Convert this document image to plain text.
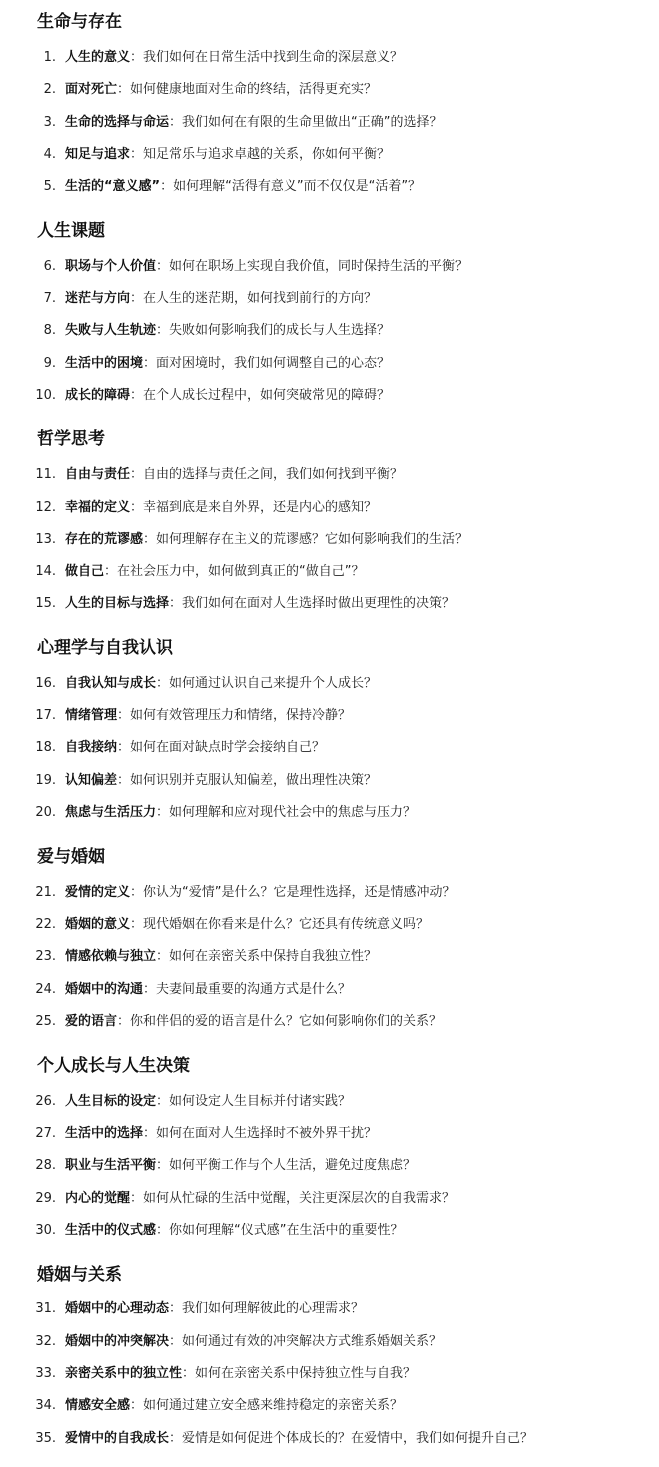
生命与存在
1. 人生的意义：我们如何在日常生活中找到生命的深层意义？
2. 面对死亡：如何健康地面对生命的终结，活得更充实？
3. 生命的选择与命运：我们如何在有限的生命里做出“正确”的选择？
4. 知足与追求：知足常乐与追求卓越的关系，你如何平衡？
5. 生活的“意义感”：如何理解“活得有意义”而不仅仅是“活着”？
人生课题
6. 职场与个人价值：如何在职场上实现自我价值，同时保持生活的平衡？
7. 迷茫与方向：在人生的迷茫期，如何找到前行的方向？
8. 失败与人生轨迹：失败如何影响我们的成长与人生选择？
9. 生活中的困境：面对困境时，我们如何调整自己的心态？
10. 成长的障碍：在个人成长过程中，如何突破常见的障碍？
哲学思考
11. 自由与责任：自由的选择与责任之间，我们如何找到平衡？
12. 幸福的定义：幸福到底是来自外界，还是内心的感知？
13. 存在的荒谬感：如何理解存在主义的荒谬感？它如何影响我们的生活？
14. 做自己：在社会压力中，如何做到真正的“做自己”？
15. 人生的目标与选择：我们如何在面对人生选择时做出更理性的决策？
心理学与自我认识
16. 自我认知与成长：如何通过认识自己来提升个人成长？
17. 情绪管理：如何有效管理压力和情绪，保持冷静？
18. 自我接纳：如何在面对缺点时学会接纳自己？
19. 认知偏差：如何识别并克服认知偏差，做出理性决策？
20. 焦虑与生活压力：如何理解和应对现代社会中的焦虑与压力？
爱与婚姻
21. 爱情的定义：你认为“爱情”是什么？它是理性选择，还是情感冲动？
22. 婚姻的意义：现代婚姻在你看来是什么？它还具有传统意义吗？
23. 情感依赖与独立：如何在亲密关系中保持自我独立性？
24. 婚姻中的沟通：夫妻间最重要的沟通方式是什么？
25. 爱的语言：你和伴侣的爱的语言是什么？它如何影响你们的关系？
个人成长与人生决策
26. 人生目标的设定：如何设定人生目标并付诸实践？
27. 生活中的选择：如何在面对人生选择时不被外界干扰？
28. 职业与生活平衡：如何平衡工作与个人生活，避免过度焦虑？
29. 内心的觉醒：如何从忙碌的生活中觉醒，关注更深层次的自我需求？
30. 生活中的仪式感：你如何理解“仪式感”在生活中的重要性？
婚姻与关系
31. 婚姻中的心理动态：我们如何理解彼此的心理需求？
32. 婚姻中的冲突解决：如何通过有效的冲突解决方式维系婚姻关系？
33. 亲密关系中的独立性：如何在亲密关系中保持独立性与自我？
34. 情感安全感：如何通过建立安全感来维持稳定的亲密关系？
35. 爱情中的自我成长：爱情是如何促进个体成长的？在爱情中，我们如何提升自己？
